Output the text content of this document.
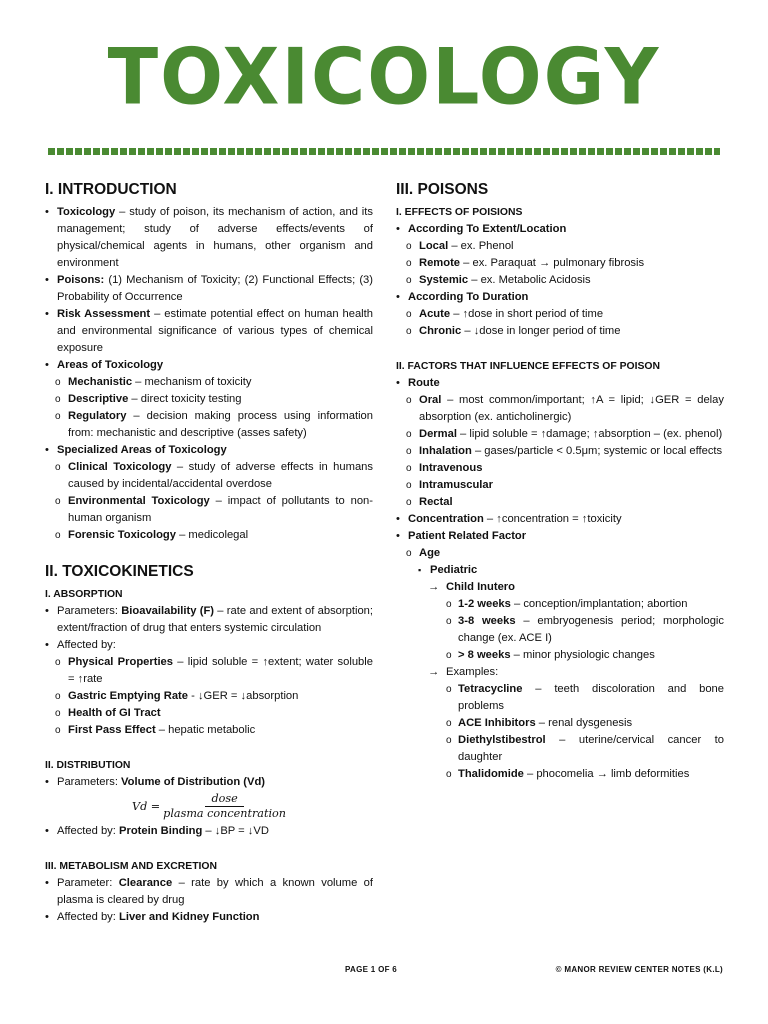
TOXICOLOGY
I. INTRODUCTION
• Toxicology – study of poison, its mechanism of action, and its management; study of adverse effects/events of physical/chemical agents in humans, other organism and environment
• Poisons: (1) Mechanism of Toxicity; (2) Functional Effects; (3) Probability of Occurrence
• Risk Assessment – estimate potential effect on human health and environmental significance of various types of chemical exposure
• Areas of Toxicology
o Mechanistic – mechanism of toxicity
o Descriptive – direct toxicity testing
o Regulatory – decision making process using information from: mechanistic and descriptive (asses safety)
• Specialized Areas of Toxicology
o Clinical Toxicology – study of adverse effects in humans caused by incidental/accidental overdose
o Environmental Toxicology – impact of pollutants to non-human organism
o Forensic Toxicology – medicolegal
II. TOXICOKINETICS
I. ABSORPTION
• Parameters: Bioavailability (F) – rate and extent of absorption; extent/fraction of drug that enters systemic circulation
• Affected by:
o Physical Properties – lipid soluble = ↑extent; water soluble = ↑rate
o Gastric Emptying Rate - ↓GER = ↓absorption
o Health of GI Tract
o First Pass Effect – hepatic metabolic
II. DISTRIBUTION
• Parameters: Volume of Distribution (Vd)
$Vd = \frac{\text{dose}}{\text{plasma concentration}}$
• Affected by: Protein Binding – ↓BP = ↓VD
III. METABOLISM AND EXCRETION
• Parameter: Clearance – rate by which a known volume of plasma is cleared by drug
• Affected by: Liver and Kidney Function
III. POISONS
I. EFFECTS OF POISIONS
• According To Extent/Location
o Local – ex. Phenol
o Remote – ex. Paraquat → pulmonary fibrosis
o Systemic – ex. Metabolic Acidosis
• According To Duration
o Acute – ↑dose in short period of time
o Chronic – ↓dose in longer period of time
II. FACTORS THAT INFLUENCE EFFECTS OF POISON
• Route
o Oral – most common/important; ↑A = lipid; ↓GER = delay absorption (ex. anticholinergic)
o Dermal – lipid soluble = ↑damage; ↑absorption – (ex. phenol)
o Inhalation – gases/particle < 0.5μm; systemic or local effects
o Intravenous
o Intramuscular
o Rectal
• Concentration – ↑concentration = ↑toxicity
• Patient Related Factor
o Age
▪ Pediatric
→ Child Inutero
o 1-2 weeks – conception/implantation; abortion
o 3-8 weeks – embryogenesis period; morphologic change (ex. ACE I)
o > 8 weeks – minor physiologic changes
→ Examples:
o Tetracycline – teeth discoloration and bone problems
o ACE Inhibitors – renal dysgenesis
o Diethylstibestrol – uterine/cervical cancer to daughter
o Thalidomide – phocomelia → limb deformities
PAGE 1 OF 6	© MANOR REVIEW CENTER NOTES (K.L)
